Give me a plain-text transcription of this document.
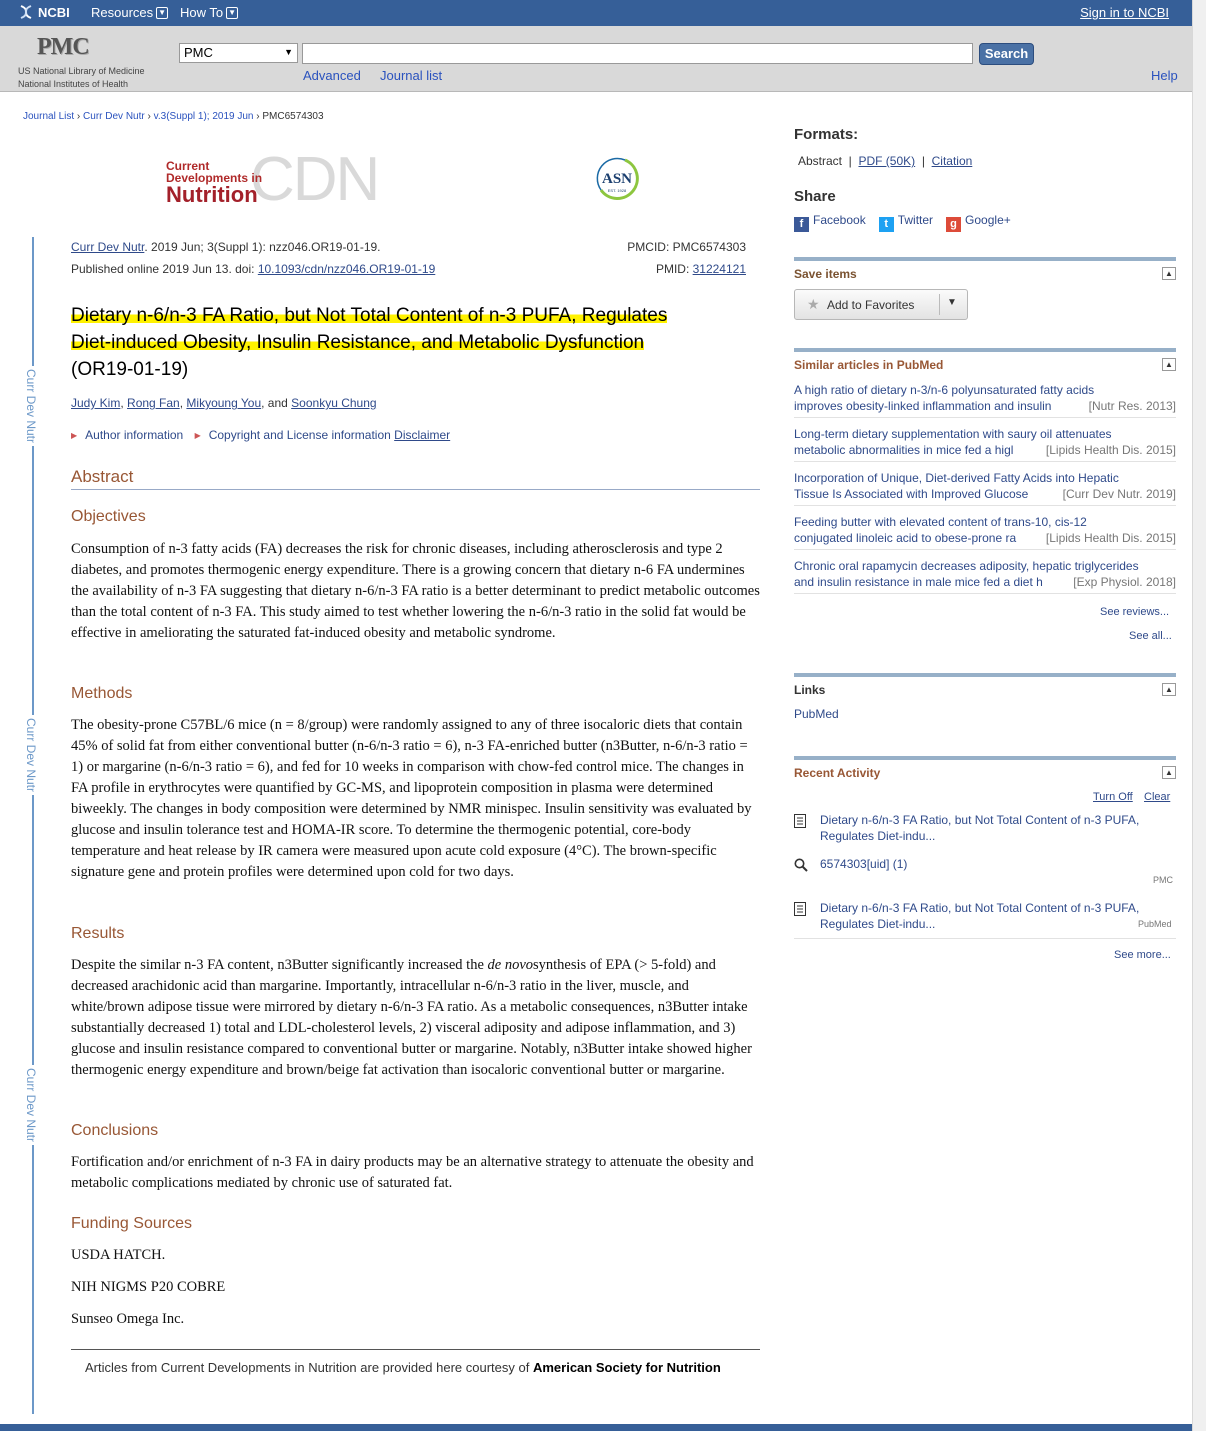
NCBI Resources ▼ How To ▼	Sign in to NCBI
PMC
US National Library of Medicine
National Institutes of Health
PMC	▼	Search
Advanced Journal list	Help
Journal List › Curr Dev Nutr › v.3(Suppl 1); 2019 Jun › PMC6574303
CDN
Current
Developments in
Nutrition
ASN
EST. 1928
Curr Dev Nutr
Curr Dev Nutr
Curr Dev Nutr
Curr Dev Nutr. 2019 Jun; 3(Suppl 1): nzz046.OR19-01-19.
Published online 2019 Jun 13. doi: 10.1093/cdn/nzz046.OR19-01-19
PMCID: PMC6574303
PMID: 31224121
Dietary n-6/n-3 FA Ratio, but Not Total Content of n-3 PUFA, Regulates
Diet-induced Obesity, Insulin Resistance, and Metabolic Dysfunction
(OR19-01-19)
Judy Kim, Rong Fan, Mikyoung You, and Soonkyu Chung
▶ Author information ▶ Copyright and License information Disclaimer
Abstract
Objectives
Consumption of n-3 fatty acids (FA) decreases the risk for chronic diseases, including atherosclerosis and type 2 diabetes, and promotes thermogenic energy expenditure. There is a growing concern that dietary n-6 FA undermines the availability of n-3 FA suggesting that dietary n-6/n-3 FA ratio is a better determinant to predict metabolic outcomes than the total content of n-3 FA. This study aimed to test whether lowering the n-6/n-3 ratio in the solid fat would be effective in ameliorating the saturated fat-induced obesity and metabolic syndrome.
Methods
The obesity-prone C57BL/6 mice (n = 8/group) were randomly assigned to any of three isocaloric diets that contain 45% of solid fat from either conventional butter (n-6/n-3 ratio = 6), n-3 FA-enriched butter (n3Butter, n-6/n-3 ratio = 1) or margarine (n-6/n-3 ratio = 6), and fed for 10 weeks in comparison with chow-fed control mice. The changes in FA profile in erythrocytes were quantified by GC-MS, and lipoprotein composition in plasma were determined biweekly. The changes in body composition were determined by NMR minispec. Insulin sensitivity was evaluated by glucose and insulin tolerance test and HOMA-IR score. To determine the thermogenic potential, core-body temperature and heat release by IR camera were measured upon acute cold exposure (4°C). The brown-specific signature gene and protein profiles were determined upon cold for two days.
Results
Despite the similar n-3 FA content, n3Butter significantly increased the de novosynthesis of EPA (> 5-fold) and decreased arachidonic acid than margarine. Importantly, intracellular n-6/n-3 ratio in the liver, muscle, and white/brown adipose tissue were mirrored by dietary n-6/n-3 FA ratio. As a metabolic consequences, n3Butter intake substantially decreased 1) total and LDL-cholesterol levels, 2) visceral adiposity and adipose inflammation, and 3) glucose and insulin resistance compared to conventional butter or margarine. Notably, n3Butter intake showed higher thermogenic energy expenditure and brown/beige fat activation than isocaloric conventional butter or margarine.
Conclusions
Fortification and/or enrichment of n-3 FA in dairy products may be an alternative strategy to attenuate the obesity and metabolic complications mediated by chronic use of saturated fat.
Funding Sources
USDA HATCH.
NIH NIGMS P20 COBRE
Sunseo Omega Inc.
Articles from Current Developments in Nutrition are provided here courtesy of American Society for Nutrition
Formats:
Abstract  |  PDF (50K)  |  Citation
Share
f Facebook	t Twitter	g Google+
Save items	▲
★ Add to Favorites	▼
Similar articles in PubMed	▲
A high ratio of dietary n-3/n-6 polyunsaturated fatty acids
improves obesity-linked inflammation and insulin	[Nutr Res. 2013]
Long-term dietary supplementation with saury oil attenuates
metabolic abnormalities in mice fed a higl	[Lipids Health Dis. 2015]
Incorporation of Unique, Diet-derived Fatty Acids into Hepatic
Tissue Is Associated with Improved Glucose	[Curr Dev Nutr. 2019]
Feeding butter with elevated content of trans-10, cis-12
conjugated linoleic acid to obese-prone ra	[Lipids Health Dis. 2015]
Chronic oral rapamycin decreases adiposity, hepatic triglycerides
and insulin resistance in male mice fed a diet h	[Exp Physiol. 2018]
See reviews...
See all...
Links	▲
PubMed
Recent Activity	▲
Turn Off Clear
Dietary n-6/n-3 FA Ratio, but Not Total Content of n-3 PUFA, Regulates Diet-indu...
6574303[uid] (1)
PMC
Dietary n-6/n-3 FA Ratio, but Not Total Content of n-3 PUFA, Regulates Diet-indu...	PubMed
See more...
